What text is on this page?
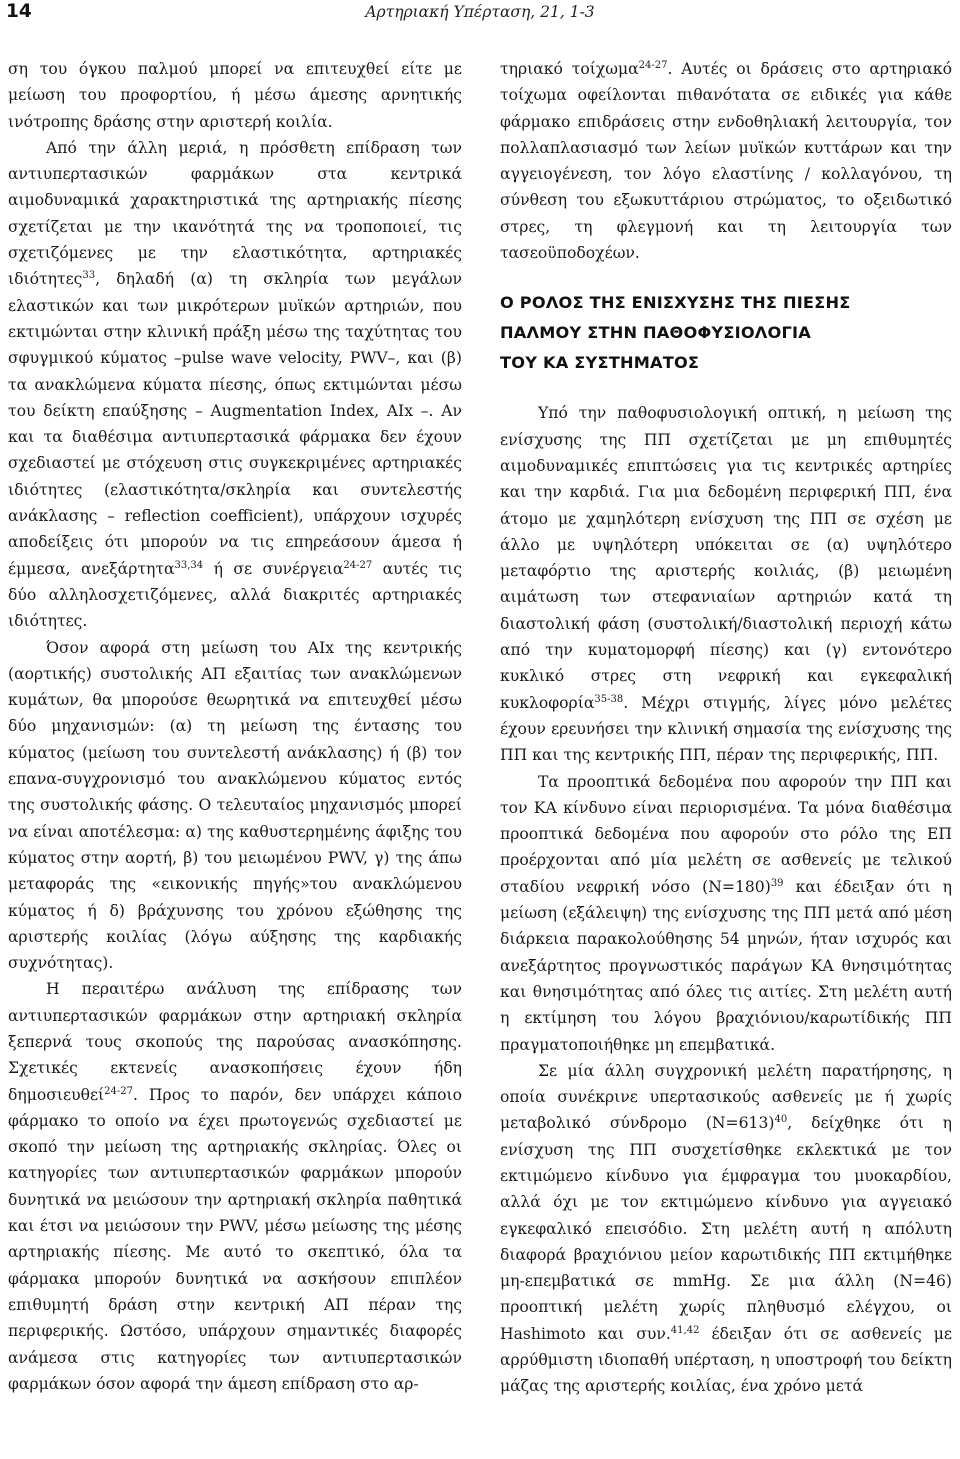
14	Αρτηριακή Υπέρταση, 21, 1-3

ση του όγκου παλμού μπορεί να επιτευχθεί είτε με μείωση του προφορτίου, ή μέσω άμεσης αρνητικής ινότροπης δράσης στην αριστερή κοιλία.

Από την άλλη μεριά, η πρόσθετη επίδραση των αντιυπερτασικών φαρμάκων στα κεντρικά αιμοδυναμικά χαρακτηριστικά της αρτηριακής πίεσης σχετίζεται με την ικανότητά της να τροποποιεί, τις σχετιζόμενες με την ελαστικότητα, αρτηριακές ιδιότητες$^{33}$, δηλαδή (α) τη σκληρία των μεγάλων ελαστικών και των μικρότερων μυϊκών αρτηριών, που εκτιμώνται στην κλινική πράξη μέσω της ταχύτητας του σφυγμικού κύματος –pulse wave velocity, PWV–, και (β) τα ανακλώμενα κύματα πίεσης, όπως εκτιμώνται μέσω του δείκτη επαύξησης – Augmentation Index, AIx –. Αν και τα διαθέσιμα αντιυπερτασικά φάρμακα δεν έχουν σχεδιαστεί με στόχευση στις συγκεκριμένες αρτηριακές ιδιότητες (ελαστικότητα/σκληρία και συντελεστής ανάκλασης – reflection coefficient), υπάρχουν ισχυρές αποδείξεις ότι μπορούν να τις επηρεάσουν άμεσα ή έμμεσα, ανεξάρτητα$^{33,34}$ ή σε συνέργεια$^{24-27}$ αυτές τις δύο αλληλοσχετιζόμενες, αλλά διακριτές αρτηριακές ιδιότητες.

Όσον αφορά στη μείωση του AIx της κεντρικής (αορτικής) συστολικής ΑΠ εξαιτίας των ανακλώμενων κυμάτων, θα μπορούσε θεωρητικά να επιτευχθεί μέσω δύο μηχανισμών: (α) τη μείωση της έντασης του κύματος (μείωση του συντελεστή ανάκλασης) ή (β) τον επανα-συγχρονισμό του ανακλώμενου κύματος εντός της συστολικής φάσης. Ο τελευταίος μηχανισμός μπορεί να είναι αποτέλεσμα: α) της καθυστερημένης άφιξης του κύματος στην αορτή, β) του μειωμένου PWV, γ) της άπω μεταφοράς της «εικονικής πηγής»του ανακλώμενου κύματος ή δ) βράχυνσης του χρόνου εξώθησης της αριστερής κοιλίας (λόγω αύξησης της καρδιακής συχνότητας).

Η περαιτέρω ανάλυση της επίδρασης των αντιυπερτασικών φαρμάκων στην αρτηριακή σκληρία ξεπερνά τους σκοπούς της παρούσας ανασκόπησης. Σχετικές εκτενείς ανασκοπήσεις έχουν ήδη δημοσιευθεί$^{24-27}$. Προς το παρόν, δεν υπάρχει κάποιο φάρμακο το οποίο να έχει πρωτογενώς σχεδιαστεί με σκοπό την μείωση της αρτηριακής σκληρίας. Όλες οι κατηγορίες των αντιυπερτασικών φαρμάκων μπορούν δυνητικά να μειώσουν την αρτηριακή σκληρία παθητικά και έτσι να μειώσουν την PWV, μέσω μείωσης της μέσης αρτηριακής πίεσης. Με αυτό το σκεπτικό, όλα τα φάρμακα μπορούν δυνητικά να ασκήσουν επιπλέον επιθυμητή δράση στην κεντρική ΑΠ πέραν της περιφερικής. Ωστόσο, υπάρχουν σημαντικές διαφορές ανάμεσα στις κατηγορίες των αντιυπερτασικών φαρμάκων όσον αφορά την άμεση επίδραση στο αρ-

τηριακό τοίχωμα$^{24-27}$. Αυτές οι δράσεις στο αρτηριακό τοίχωμα οφείλονται πιθανότατα σε ειδικές για κάθε φάρμακο επιδράσεις στην ενδοθηλιακή λειτουργία, τον πολλαπλασιασμό των λείων μυϊκών κυττάρων και την αγγειογένεση, τον λόγο ελαστίνης / κολλαγόνου, τη σύνθεση του εξωκυττάριου στρώματος, το οξειδωτικό στρες, τη φλεγμονή και τη λειτουργία των τασεοϋποδοχέων.

Ο ΡΟΛΟΣ ΤΗΣ ΕΝΙΣΧΥΣΗΣ ΤΗΣ ΠΙΕΣΗΣ
ΠΑΛΜΟΥ ΣΤΗΝ ΠΑΘΟΦΥΣΙΟΛΟΓΙΑ
ΤΟΥ ΚΑ ΣΥΣΤΗΜΑΤΟΣ

Υπό την παθοφυσιολογική οπτική, η μείωση της ενίσχυσης της ΠΠ σχετίζεται με μη επιθυμητές αιμοδυναμικές επιπτώσεις για τις κεντρικές αρτηρίες και την καρδιά. Για μια δεδομένη περιφερική ΠΠ, ένα άτομο με χαμηλότερη ενίσχυση της ΠΠ σε σχέση με άλλο με υψηλότερη υπόκειται σε (α) υψηλότερο μεταφόρτιο της αριστερής κοιλιάς, (β) μειωμένη αιμάτωση των στεφανιαίων αρτηριών κατά τη διαστολική φάση (συστολική/διαστολική περιοχή κάτω από την κυματομορφή πίεσης) και (γ) εντονότερο κυκλικό στρες στη νεφρική και εγκεφαλική κυκλοφορία$^{35-38}$. Μέχρι στιγμής, λίγες μόνο μελέτες έχουν ερευνήσει την κλινική σημασία της ενίσχυσης της ΠΠ και της κεντρικής ΠΠ, πέραν της περιφερικής, ΠΠ.

Τα προοπτικά δεδομένα που αφορούν την ΠΠ και τον ΚΑ κίνδυνο είναι περιορισμένα. Τα μόνα διαθέσιμα προοπτικά δεδομένα που αφορούν στο ρόλο της ΕΠ προέρχονται από μία μελέτη σε ασθενείς με τελικού σταδίου νεφρική νόσο (N=180)$^{39}$ και έδειξαν ότι η μείωση (εξάλειψη) της ενίσχυσης της ΠΠ μετά από μέση διάρκεια παρακολούθησης 54 μηνών, ήταν ισχυρός και ανεξάρτητος προγνωστικός παράγων ΚΑ θνησιμότητας και θνησιμότητας από όλες τις αιτίες. Στη μελέτη αυτή η εκτίμηση του λόγου βραχιόνιου/καρωτίδικής ΠΠ πραγματοποιήθηκε μη επεμβατικά.

Σε μία άλλη συγχρονική μελέτη παρατήρησης, η οποία συνέκρινε υπερτασικούς ασθενείς με ή χωρίς μεταβολικό σύνδρομο (N=613)$^{40}$, δείχθηκε ότι η ενίσχυση της ΠΠ συσχετίσθηκε εκλεκτικά με τον εκτιμώμενο κίνδυνο για έμφραγμα του μυοκαρδίου, αλλά όχι με τον εκτιμώμενο κίνδυνο για αγγειακό εγκεφαλικό επεισόδιο. Στη μελέτη αυτή η απόλυτη διαφορά βραχιόνιου μείον καρωτιδικής ΠΠ εκτιμήθηκε μη-επεμβατικά σε mmHg. Σε μια άλλη (N=46) προοπτική μελέτη χωρίς πληθυσμό ελέγχου, οι Hashimoto και συν.$^{41,42}$ έδειξαν ότι σε ασθενείς με αρρύθμιστη ιδιοπαθή υπέρταση, η υποστροφή του δείκτη μάζας της αριστερής κοιλίας, ένα χρόνο μετά
